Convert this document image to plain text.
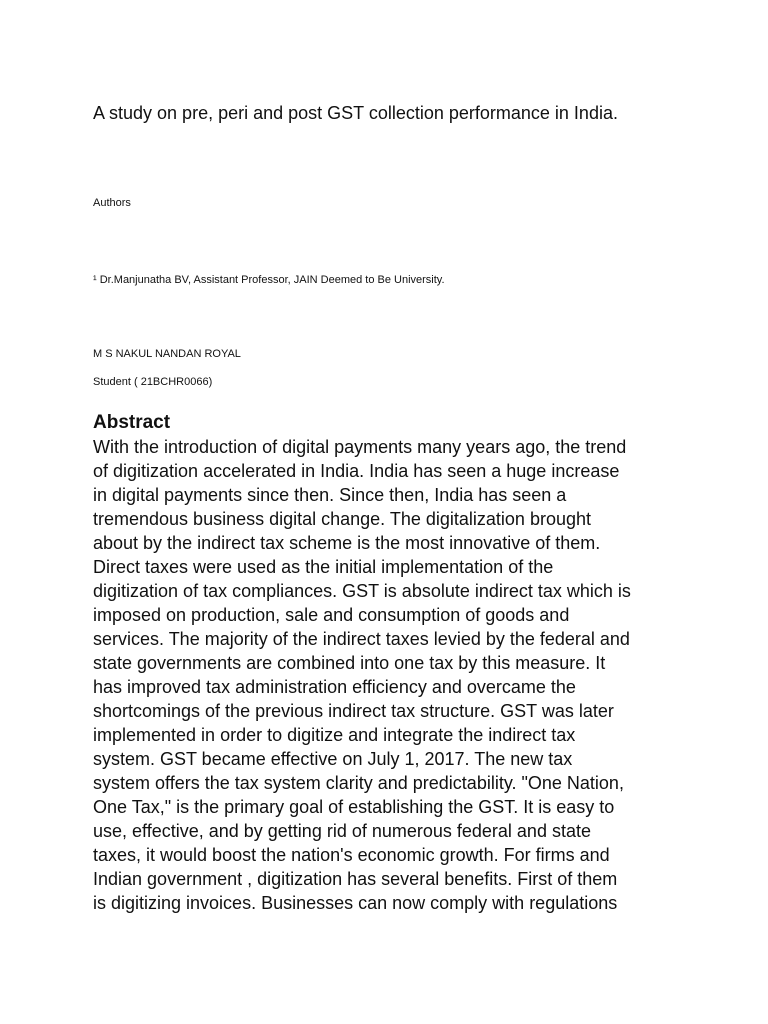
A study on pre, peri and post GST collection performance in India.
Authors
¹ Dr.Manjunatha BV, Assistant Professor, JAIN Deemed to Be University.
M S NAKUL NANDAN ROYAL
Student ( 21BCHR0066)
Abstract
With the introduction of digital payments many years ago, the trend
of digitization accelerated in India. India has seen a huge increase
in digital payments since then. Since then, India has seen a
tremendous business digital change. The digitalization brought
about by the indirect tax scheme is the most innovative of them.
Direct taxes were used as the initial implementation of the
digitization of tax compliances. GST is absolute indirect tax which is
imposed on production, sale and consumption of goods and
services. The majority of the indirect taxes levied by the federal and
state governments are combined into one tax by this measure. It
has improved tax administration efficiency and overcame the
shortcomings of the previous indirect tax structure. GST was later
implemented in order to digitize and integrate the indirect tax
system. GST became effective on July 1, 2017. The new tax
system offers the tax system clarity and predictability. "One Nation,
One Tax," is the primary goal of establishing the GST. It is easy to
use, effective, and by getting rid of numerous federal and state
taxes, it would boost the nation's economic growth. For firms and
Indian government , digitization has several benefits. First of them
is digitizing invoices. Businesses can now comply with regulations
